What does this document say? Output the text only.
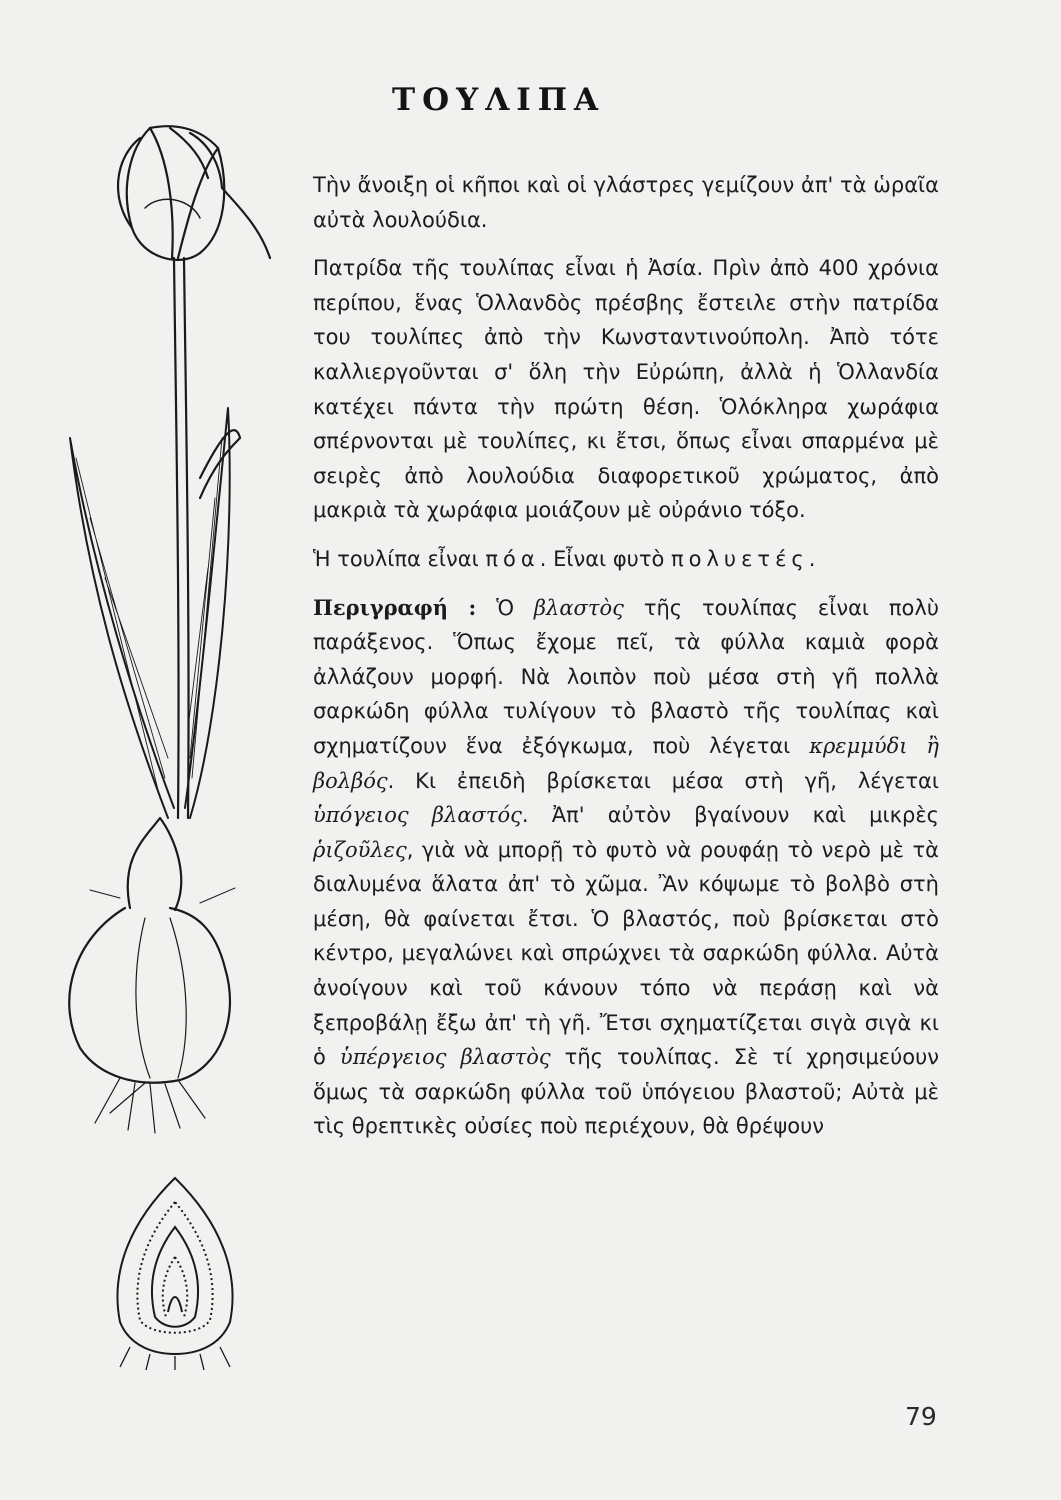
ΤΟΥΛΙΠΑ

Τὴν ἄνοιξη οἱ κῆποι καὶ οἱ γλάστρες γεμίζουν ἀπ' τὰ ὡραῖα αὐτὰ λουλούδια.

Πατρίδα τῆς τουλίπας εἶναι ἡ Ἀσία. Πρὶν ἀπὸ 400 χρόνια περίπου, ἕνας Ὁλλανδὸς πρέσβης ἔστειλε στὴν πατρίδα του τουλίπες ἀπὸ τὴν Κωνσταντινούπολη. Ἀπὸ τότε καλλιεργοῦνται σ' ὅλη τὴν Εὐρώπη, ἀλλὰ ἡ Ὁλλανδία κατέχει πάντα τὴν πρώτη θέση. Ὁλόκληρα χωράφια σπέρνονται μὲ τουλίπες, κι ἔτσι, ὅπως εἶναι σπαρμένα μὲ σειρὲς ἀπὸ λουλούδια διαφορετικοῦ χρώματος, ἀπὸ μακριὰ τὰ χωράφια μοιάζουν μὲ οὐράνιο τόξο.

Ἡ τουλίπα εἶναι πόα. Εἶναι φυτὸ πολυετές.

Περιγραφή : Ὁ βλαστὸς τῆς τουλίπας εἶναι πολὺ παράξενος. Ὅπως ἔχομε πεῖ, τὰ φύλλα καμιὰ φορὰ ἀλλάζουν μορφή. Νὰ λοιπὸν ποὺ μέσα στὴ γῆ πολλὰ σαρκώδη φύλλα τυλίγουν τὸ βλαστὸ τῆς τουλίπας καὶ σχηματίζουν ἕνα ἐξόγκωμα, ποὺ λέγεται κρεμμύδι ἢ βολβός. Κι ἐπειδὴ βρίσκεται μέσα στὴ γῆ, λέγεται ὑπόγειος βλαστός. Ἀπ' αὐτὸν βγαίνουν καὶ μικρὲς ῥιζοῦλες, γιὰ νὰ μπορῇ τὸ φυτὸ νὰ ρουφάῃ τὸ νερὸ μὲ τὰ διαλυμένα ἅλατα ἀπ' τὸ χῶμα. Ἂν κόψωμε τὸ βολβὸ στὴ μέση, θὰ φαίνεται ἔτσι. Ὁ βλαστός, ποὺ βρίσκεται στὸ κέντρο, μεγαλώνει καὶ σπρώχνει τὰ σαρκώδη φύλλα. Αὐτὰ ἀνοίγουν καὶ τοῦ κάνουν τόπο νὰ περάσῃ καὶ νὰ ξεπροβάλῃ ἔξω ἀπ' τὴ γῆ. Ἔτσι σχηματίζεται σιγὰ σιγὰ κι ὁ ὑπέργειος βλαστὸς τῆς τουλίπας. Σὲ τί χρησιμεύουν ὅμως τὰ σαρκώδη φύλλα τοῦ ὑπόγειου βλαστοῦ; Αὐτὰ μὲ τὶς θρεπτικὲς οὐσίες ποὺ περιέχουν, θὰ θρέψουν

79
